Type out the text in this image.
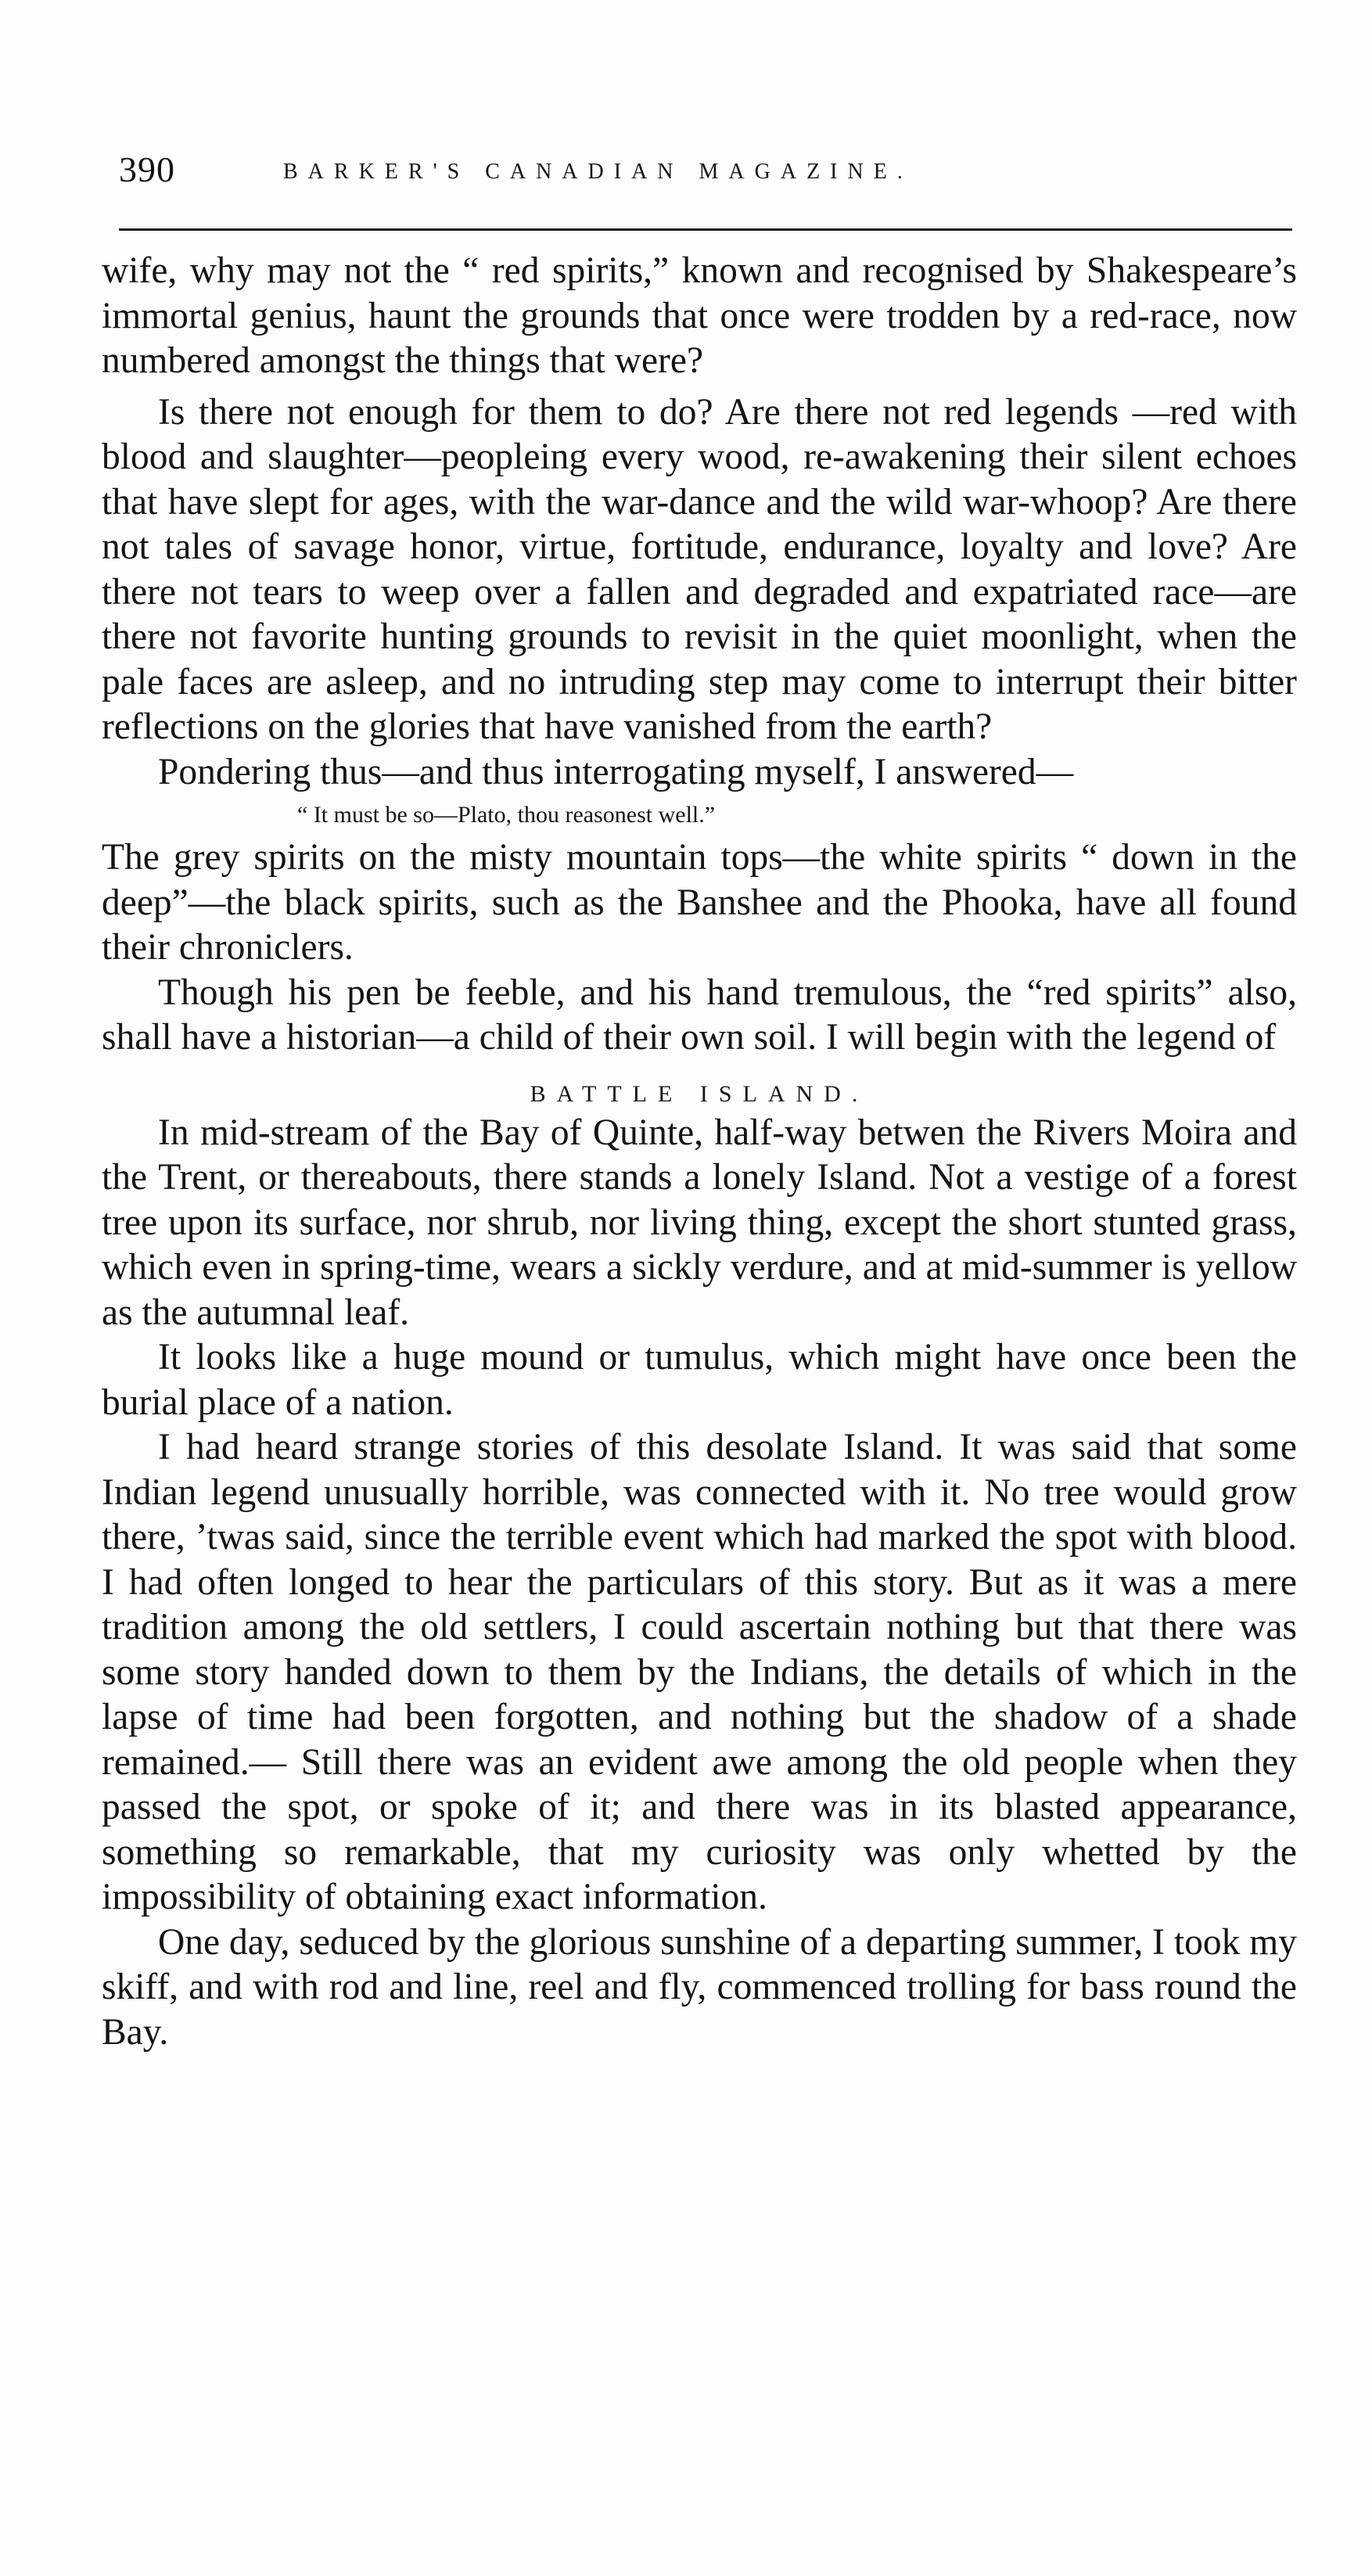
390	BARKER'S CANADIAN MAGAZINE.

wife, why may not the “ red spirits,” known and recognised by Shakespeare’s immortal genius, haunt the grounds that once were trodden by a red-race, now numbered amongst the things that were?

Is there not enough for them to do? Are there not red legends —red with blood and slaughter—peopleing every wood, re-awakening their silent echoes that have slept for ages, with the war-dance and the wild war-whoop? Are there not tales of savage honor, virtue, fortitude, endurance, loyalty and love? Are there not tears to weep over a fallen and degraded and expatriated race—are there not favorite hunting grounds to revisit in the quiet moonlight, when the pale faces are asleep, and no intruding step may come to interrupt their bitter reflections on the glories that have vanished from the earth?

Pondering thus—and thus interrogating myself, I answered—

“ It must be so—Plato, thou reasonest well.”

The grey spirits on the misty mountain tops—the white spirits “ down in the deep”—the black spirits, such as the Banshee and the Phooka, have all found their chroniclers.

Though his pen be feeble, and his hand tremulous, the “red spirits” also, shall have a historian—a child of their own soil. I will begin with the legend of

BATTLE ISLAND.

In mid-stream of the Bay of Quinte, half-way betwen the Rivers Moira and the Trent, or thereabouts, there stands a lonely Island. Not a vestige of a forest tree upon its surface, nor shrub, nor living thing, except the short stunted grass, which even in spring-time, wears a sickly verdure, and at mid-summer is yellow as the autumnal leaf.

It looks like a huge mound or tumulus, which might have once been the burial place of a nation.

I had heard strange stories of this desolate Island. It was said that some Indian legend unusually horrible, was connected with it. No tree would grow there, ’twas said, since the terrible event which had marked the spot with blood. I had often longed to hear the particulars of this story. But as it was a mere tradition among the old settlers, I could ascertain nothing but that there was some story handed down to them by the Indians, the details of which in the lapse of time had been forgotten, and nothing but the shadow of a shade remained.— Still there was an evident awe among the old people when they passed the spot, or spoke of it; and there was in its blasted appearance, something so remarkable, that my curiosity was only whetted by the impossibility of obtaining exact information.

One day, seduced by the glorious sunshine of a departing summer, I took my skiff, and with rod and line, reel and fly, commenced trolling for bass round the Bay.
